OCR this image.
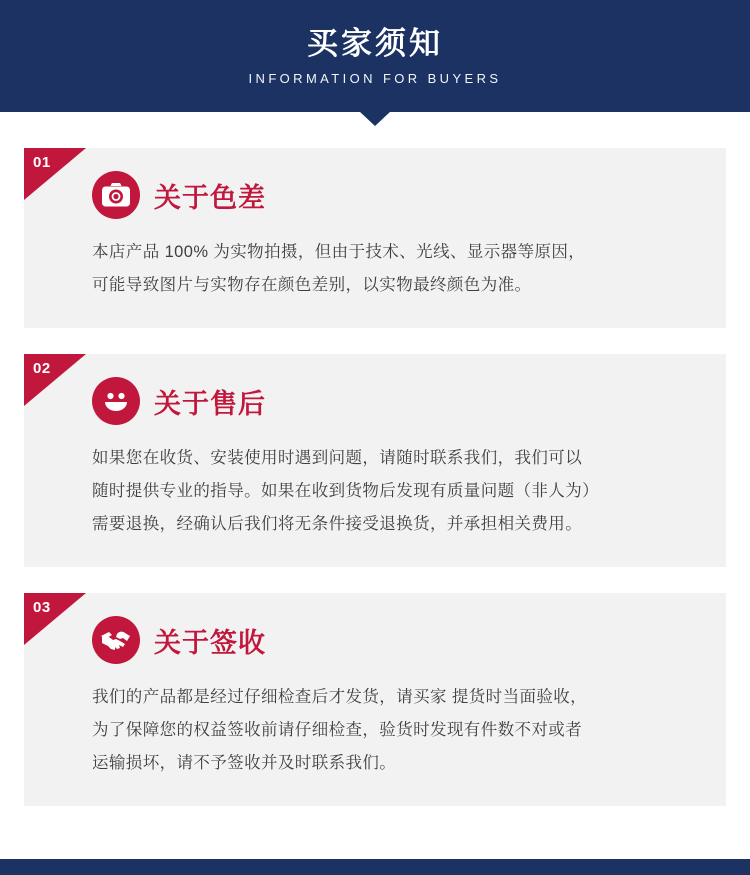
买家须知
INFORMATION FOR BUYERS
01
关于色差

本店产品 100% 为实物拍摄，但由于技术、光线、显示器等原因，

可能导致图片与实物存在颜色差别，以实物最终颜色为准。

02
关于售后

如果您在收货、安装使用时遇到问题，请随时联系我们，我们可以

随时提供专业的指导。如果在收到货物后发现有质量问题（非人为）

需要退换，经确认后我们将无条件接受退换货，并承担相关费用。

03
关于签收

我们的产品都是经过仔细检查后才发货，请买家 提货时当面验收，

为了保障您的权益签收前请仔细检查，验货时发现有件数不对或者

运输损坏，请不予签收并及时联系我们。
